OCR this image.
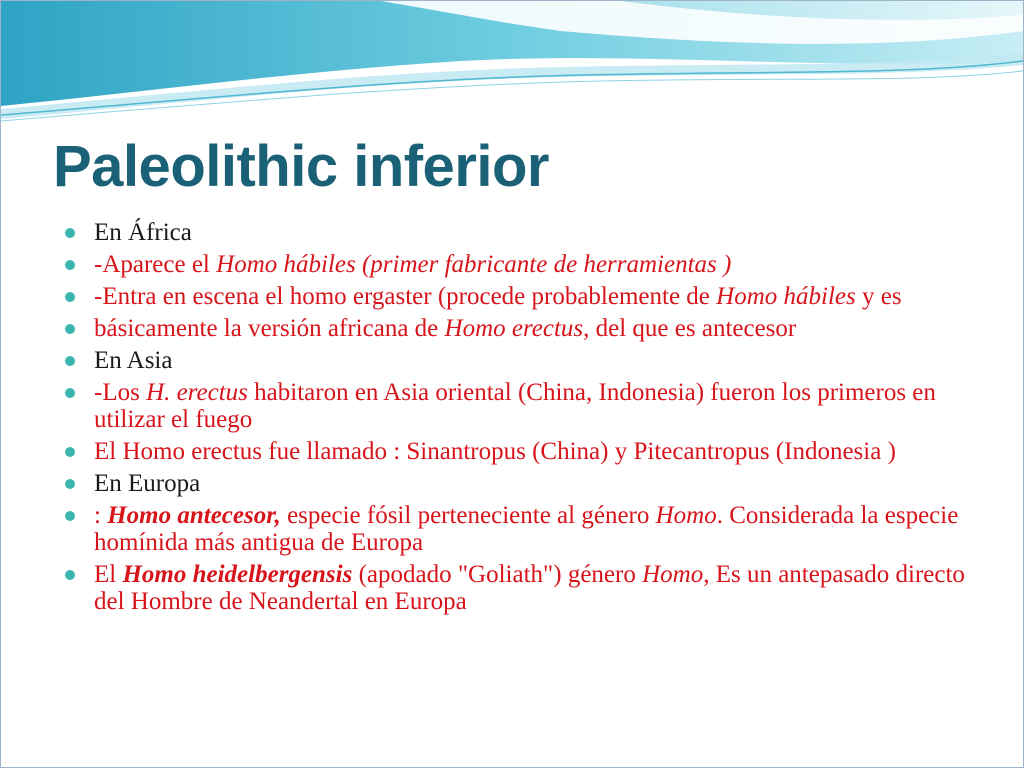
Paleolithic inferior
En África
-Aparece el Homo hábiles (primer fabricante de herramientas )
-Entra en escena el homo ergaster (procede probablemente de Homo hábiles y es
básicamente la versión africana de Homo erectus, del que es antecesor
En Asia
-Los H. erectus habitaron en Asia oriental (China, Indonesia) fueron los primeros en utilizar el fuego
El Homo erectus fue llamado : Sinantropus (China) y Pitecantropus (Indonesia )
En Europa
: Homo antecesor, especie fósil perteneciente al género Homo. Considerada la especie homínida más antigua de Europa
El Homo heidelbergensis (apodado "Goliath") género Homo, Es un antepasado directo del Hombre de Neandertal en Europa
